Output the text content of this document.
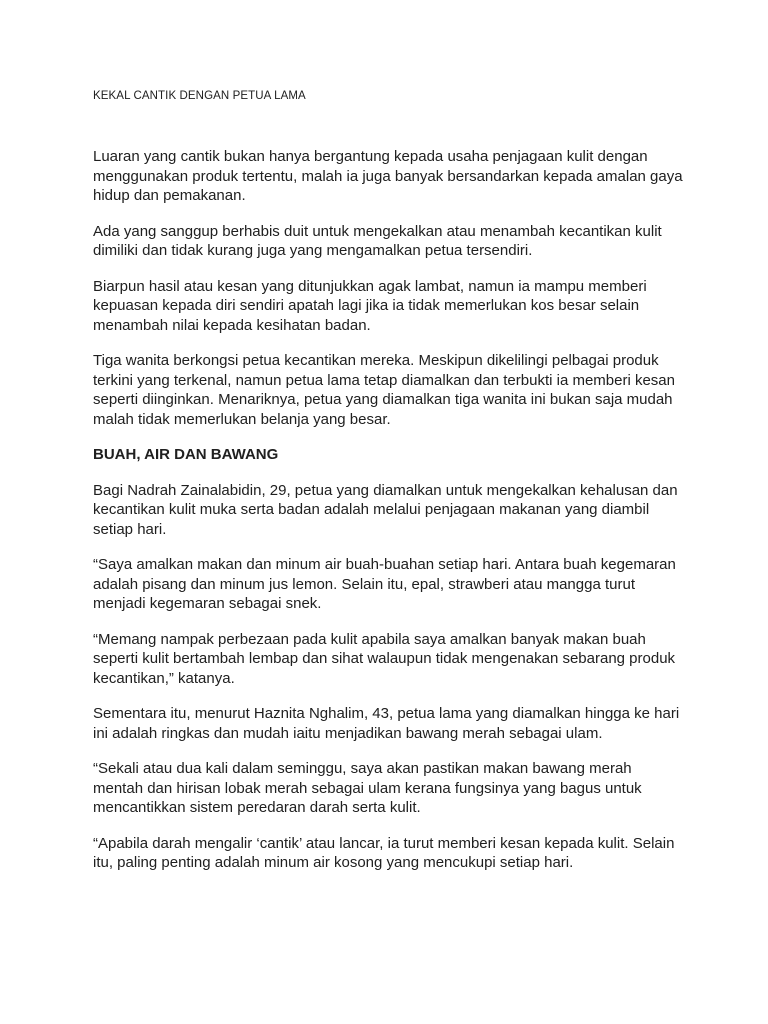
KEKAL CANTIK DENGAN PETUA LAMA

Luaran yang cantik bukan hanya bergantung kepada usaha penjagaan kulit dengan menggunakan produk tertentu, malah ia juga banyak bersandarkan kepada amalan gaya hidup dan pemakanan.

Ada yang sanggup berhabis duit untuk mengekalkan atau menambah kecantikan kulit dimiliki dan tidak kurang juga yang mengamalkan petua tersendiri.

Biarpun hasil atau kesan yang ditunjukkan agak lambat, namun ia mampu memberi kepuasan kepada diri sendiri apatah lagi jika ia tidak memerlukan kos besar selain menambah nilai kepada kesihatan badan.

Tiga wanita berkongsi petua kecantikan mereka. Meskipun dikelilingi pelbagai produk terkini yang terkenal, namun petua lama tetap diamalkan dan terbukti ia memberi kesan seperti diinginkan. Menariknya, petua yang diamalkan tiga wanita ini bukan saja mudah malah tidak memerlukan belanja yang besar.

BUAH, AIR DAN BAWANG

Bagi Nadrah Zainalabidin, 29, petua yang diamalkan untuk mengekalkan kehalusan dan kecantikan kulit muka serta badan adalah melalui penjagaan makanan yang diambil setiap hari.

“Saya amalkan makan dan minum air buah-buahan setiap hari. Antara buah kegemaran adalah pisang dan minum jus lemon. Selain itu, epal, strawberi atau mangga turut menjadi kegemaran sebagai snek.

“Memang nampak perbezaan pada kulit apabila saya amalkan banyak makan buah seperti kulit bertambah lembap dan sihat walaupun tidak mengenakan sebarang produk kecantikan,” katanya.

Sementara itu, menurut Haznita Nghalim, 43, petua lama yang diamalkan hingga ke hari ini adalah ringkas dan mudah iaitu menjadikan bawang merah sebagai ulam.

“Sekali atau dua kali dalam seminggu, saya akan pastikan makan bawang merah mentah dan hirisan lobak merah sebagai ulam kerana fungsinya yang bagus untuk mencantikkan sistem peredaran darah serta kulit.

“Apabila darah mengalir ‘cantik’ atau lancar, ia turut memberi kesan kepada kulit. Selain itu, paling penting adalah minum air kosong yang mencukupi setiap hari.
